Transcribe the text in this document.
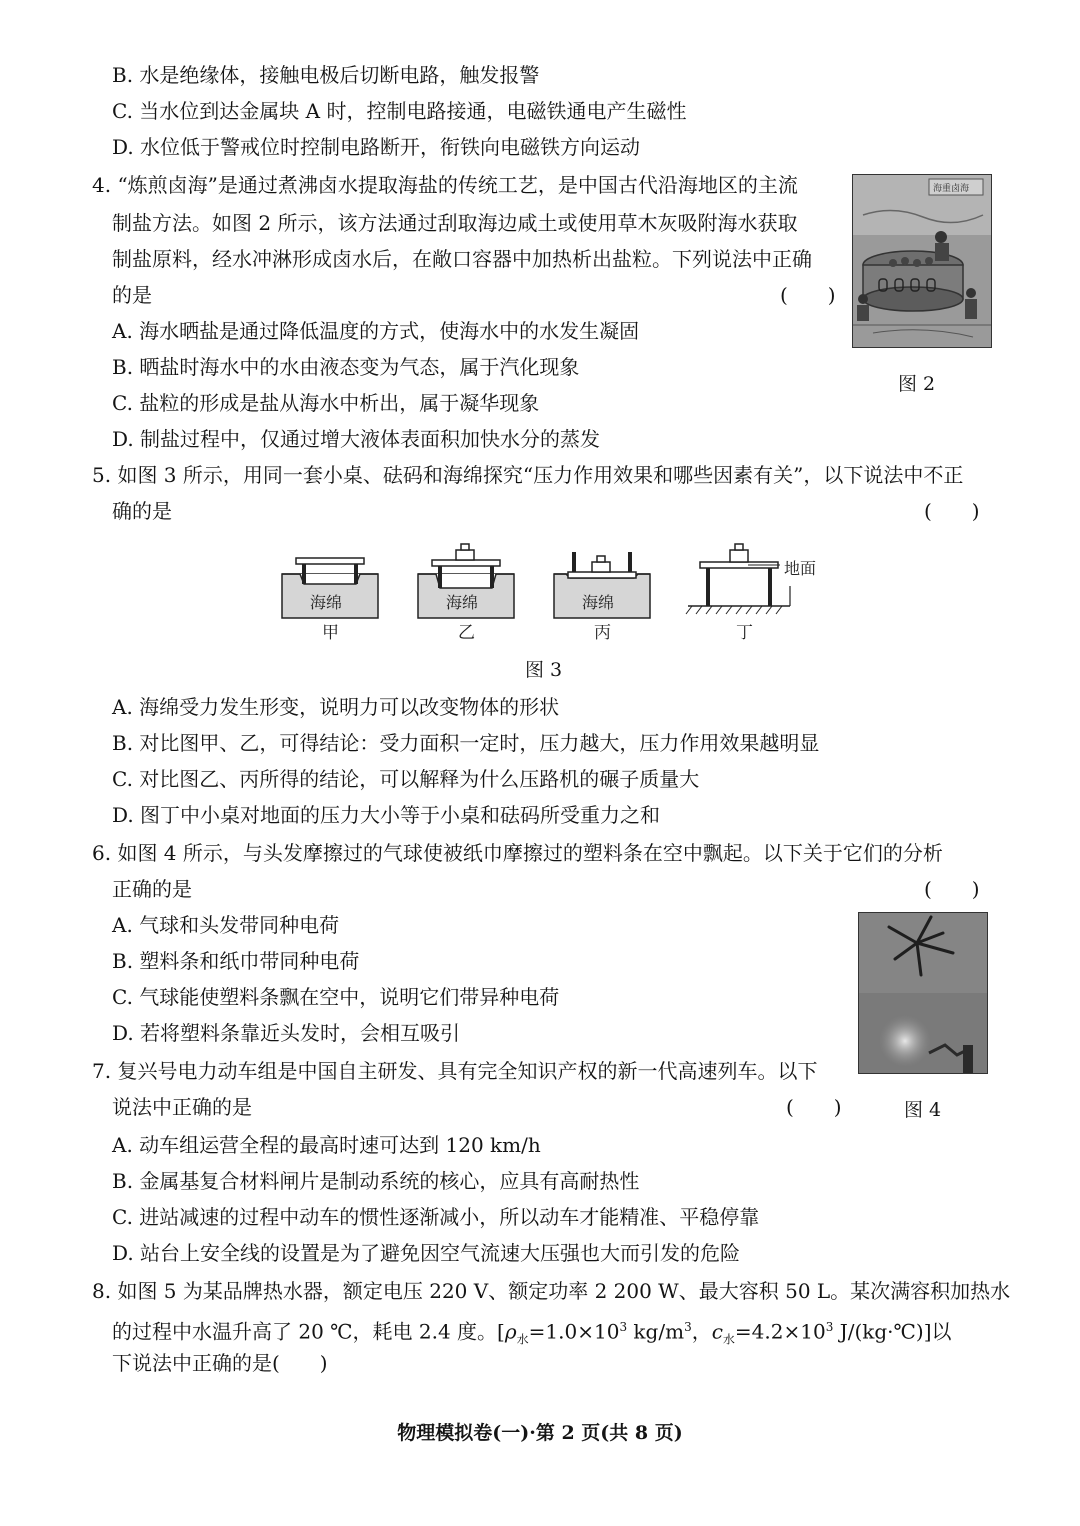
B. 水是绝缘体，接触电极后切断电路，触发报警
C. 当水位到达金属块 A 时，控制电路接通，电磁铁通电产生磁性
D. 水位低于警戒位时控制电路断开，衔铁向电磁铁方向运动
4. “炼煎卤海”是通过煮沸卤水提取海盐的传统工艺，是中国古代沿海地区的主流
制盐方法。如图 2 所示，该方法通过刮取海边咸土或使用草木灰吸附海水获取
制盐原料，经水冲淋形成卤水后，在敞口容器中加热析出盐粒。下列说法中正确
的是	(　　)
A. 海水晒盐是通过降低温度的方式，使海水中的水发生凝固
B. 晒盐时海水中的水由液态变为气态，属于汽化现象
C. 盐粒的形成是盐从海水中析出，属于凝华现象
D. 制盐过程中，仅通过增大液体表面积加快水分的蒸发
海重卤海
图 2
5. 如图 3 所示，用同一套小桌、砝码和海绵探究“压力作用效果和哪些因素有关”，以下说法中不正
确的是	(　　)
海绵
甲
海绵
乙
海绵
丙	丁
地面
图 3
A. 海绵受力发生形变，说明力可以改变物体的形状
B. 对比图甲、乙，可得结论：受力面积一定时，压力越大，压力作用效果越明显
C. 对比图乙、丙所得的结论，可以解释为什么压路机的碾子质量大
D. 图丁中小桌对地面的压力大小等于小桌和砝码所受重力之和
6. 如图 4 所示，与头发摩擦过的气球使被纸巾摩擦过的塑料条在空中飘起。以下关于它们的分析
正确的是	(　　)
A. 气球和头发带同种电荷
B. 塑料条和纸巾带同种电荷
C. 气球能使塑料条飘在空中，说明它们带异种电荷
D. 若将塑料条靠近头发时，会相互吸引
图 4
7. 复兴号电力动车组是中国自主研发、具有完全知识产权的新一代高速列车。以下
说法中正确的是	(　　)
A. 动车组运营全程的最高时速可达到 120 km/h
B. 金属基复合材料闸片是制动系统的核心，应具有高耐热性
C. 进站减速的过程中动车的惯性逐渐减小，所以动车才能精准、平稳停靠
D. 站台上安全线的设置是为了避免因空气流速大压强也大而引发的危险
8. 如图 5 为某品牌热水器，额定电压 220 V、额定功率 2 200 W、最大容积 50 L。某次满容积加热水
的过程中水温升高了 20 ℃，耗电 2.4 度。[$\rho_水=1.0\times 10^3$ $kg/m^3$，$c_水=4.2\times 10^3$ J/(kg·℃)]以
下说法中正确的是(　　)
物理模拟卷(一)·第 2 页(共 8 页)
